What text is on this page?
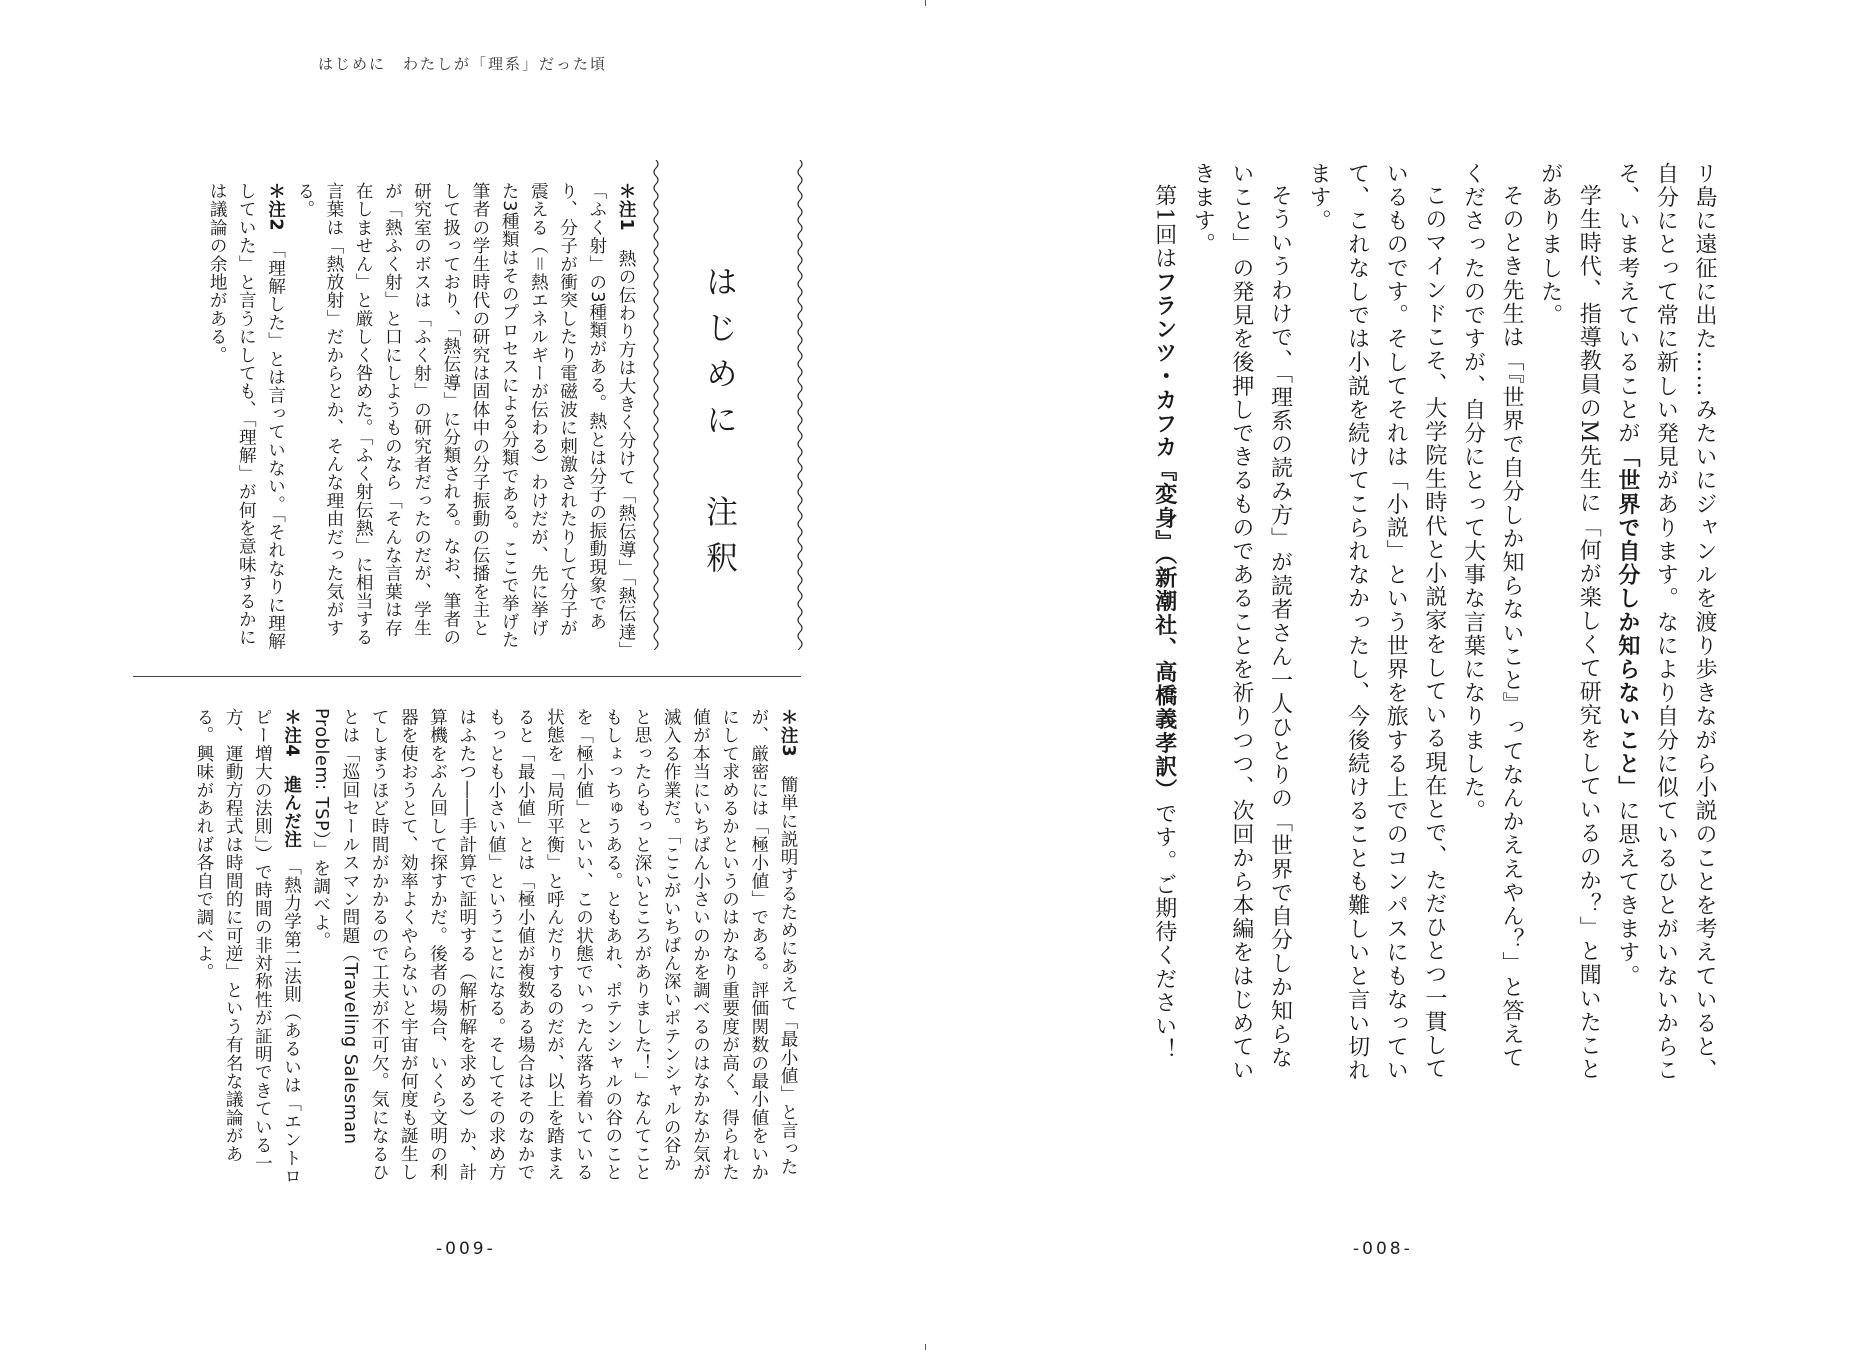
はじめに　わたしが「理系」だった頃
はじめに　注釈

＊注1　熱の伝わり方は大きく分けて「熱伝導」「熱伝達」「ふく射」の3種類がある。熱とは分子の振動現象であり、分子が衝突したり電磁波に刺激されたりして分子が震える（＝熱エネルギーが伝わる）わけだが、先に挙げた3種類はそのプロセスによる分類である。ここで挙げた筆者の学生時代の研究は固体中の分子振動の伝播を主として扱っており、「熱伝導」に分類される。なお、筆者の研究室のボスは「ふく射」の研究者だったのだが、学生が「熱ふく射」と口にしようものなら「そんな言葉は存在しません」と厳しく咎めた。「ふく射伝熱」に相当する言葉は「熱放射」だからとか、そんな理由だった気がする。

＊注2　「理解した」とは言っていない。「それなりに理解していた」と言うにしても、「理解」が何を意味するかには議論の余地がある。

＊注3　簡単に説明するためにあえて「最小値」と言ったが、厳密には「極小値」である。評価関数の最小値をいかにして求めるかというのはかなり重要度が高く、得られた値が本当にいちばん小さいのかを調べるのはなかなか気が滅入る作業だ。「ここがいちばん深いポテンシャルの谷かと思ったらもっと深いところがありました！」なんてこともしょっちゅうある。ともあれ、ポテンシャルの谷のことを「極小値」といい、この状態でいったん落ち着いている状態を「局所平衡」と呼んだりするのだが、以上を踏まえると「最小値」とは「極小値が複数ある場合はそのなかでもっとも小さい値」ということになる。そしてその求め方はふたつ――手計算で証明する（解析解を求める）か、計算機をぶん回して探すかだ。後者の場合、いくら文明の利器を使おうとて、効率よくやらないと宇宙が何度も誕生してしまうほど時間がかかるので工夫が不可欠。気になるひとは「巡回セールスマン問題（Traveling Salesman Problem: TSP）」を調べよ。

＊注4　進んだ注　「熱力学第二法則（あるいは「エントロピー増大の法則」）で時間の非対称性が証明できている一方、運動方程式は時間的に可逆」という有名な議論がある。興味があれば各自で調べよ。

-009-

リ島に遠征に出た……みたいにジャンルを渡り歩きながら小説のことを考えていると、自分にとって常に新しい発見があります。なにより自分に似ているひとがいないからこそ、いま考えていることが「世界で自分しか知らないこと」に思えてきます。

学生時代、指導教員のM先生に「何が楽しくて研究をしているのか？」と聞いたことがありました。

そのとき先生は「『世界で自分しか知らないこと』ってなんかええやん？」と答えてくださったのですが、自分にとって大事な言葉になりました。

このマインドこそ、大学院生時代と小説家をしている現在とで、ただひとつ一貫しているものです。そしてそれは「小説」という世界を旅する上でのコンパスにもなっていて、これなしでは小説を続けてこられなかったし、今後続けることも難しいと言い切れます。

そういうわけで、「理系の読み方」が読者さん一人ひとりの「世界で自分しか知らないこと」の発見を後押しできるものであることを祈りつつ、次回から本編をはじめていきます。

第1回はフランツ・カフカ『変身』（新潮社、高橋義孝訳）です。ご期待ください！

-008-
